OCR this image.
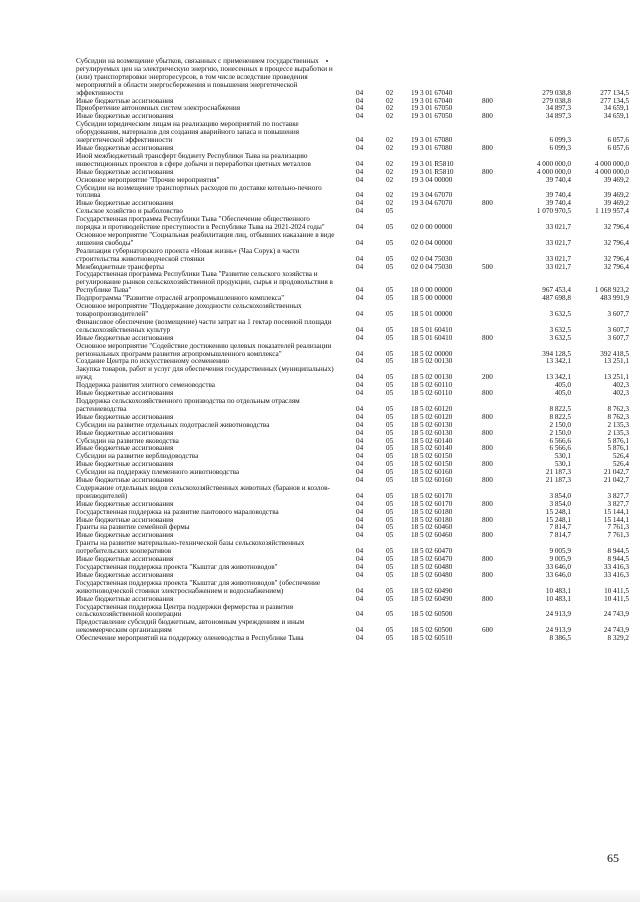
Субсидии на возмещение убытков, связанных с применением государственных регулируемых цен на электрическую энергию, понесенных в процессе выработки и (или) транспортировки энергоресурсов, в том числе вследствие проведения мероприятий в области энергосбережения и повышения энергетической эффективности	04	02 19 3 01 67040	279 038,8	277 134,5
Иные бюджетные ассигнования	04	02 19 3 01 67040	800	279 038,8	277 134,5
Приобретение автономных систем электроснабжения	04	02 19 3 01 67050	34 897,3	34 659,1
Иные бюджетные ассигнования	04	02 19 3 01 67050	800	34 897,3	34 659,1
Субсидии юридическим лицам на реализацию мероприятий по поставке оборудования, материалов для создания аварийного запаса и повышения энергетической эффективности	04	02 19 3 01 67080	6 099,3	6 057,6
Иные бюджетные ассигнования	04	02 19 3 01 67080	800	6 099,3	6 057,6
Иной межбюджетный трансферт бюджету Республики Тыва на реализацию инвестиционных проектов в сфере добычи и переработки цветных металлов	04	02 19 3 01 R5810	4 000 000,0	4 000 000,0
Иные бюджетные ассигнования	04	02 19 3 01 R5810	800	4 000 000,0	4 000 000,0
Основное мероприятие "Прочие мероприятия"	04	02 19 3 04 00000	39 740,4	39 469,2
Субсидии на возмещение транспортных расходов по доставке котельно-печного топлива	04	02 19 3 04 67070	39 740,4	39 469,2
Иные бюджетные ассигнования	04	02 19 3 04 67070	800	39 740,4	39 469,2
Сельское хозяйство и рыболовство	04	05	1 070 970,5	1 119 957,4
Государственная программа Республики Тыва "Обеспечение общественного порядка и противодействие преступности в Республике Тыва на 2021-2024 годы"	04	05 02 0 00 00000	33 021,7	32 796,4
Основное мероприятие "Социальная реабилитация лиц, отбывших наказание в виде лишения свободы"	04	05 02 0 04 00000	33 021,7	32 796,4
Реализация губернаторского проекта «Новая жизнь» (Чаа Сорук) в части строительства животноводческой стоянки	04	05 02 0 04 75030	33 021,7	32 796,4
Межбюджетные трансферты	04	05 02 0 04 75030	500	33 021,7	32 796,4
Государственная программа Республики Тыва "Развитие сельского хозяйства и регулирование рынков сельскохозяйственной продукции, сырья и продовольствия в Республике Тыва"	04	05 18 0 00 00000	967 453,4	1 068 923,2
Подпрограмма "Развитие отраслей агропромышленного комплекса"	04	05 18 5 00 00000	487 698,8	483 991,9
Основное мероприятие "Поддержание доходности сельскохозяйственных товаропроизводителей"	04	05 18 5 01 00000	3 632,5	3 607,7
Финансовое обеспечение (возмещение) части затрат на 1 гектар посевной площади сельскохозяйственных культур	04	05 18 5 01 60410	3 632,5	3 607,7
Иные бюджетные ассигнования	04	05 18 5 01 60410	800	3 632,5	3 607,7
Основное мероприятие "Содействие достижению целевых показателей реализации региональных программ развития агропромышленного комплекса"	04	05 18 5 02 00000	394 128,5	392 418,5
Создание Центра по искусственному осеменению	04	05 18 5 02 00130	13 342,1	13 251,1
Закупка товаров, работ и услуг для обеспечения государственных (муниципальных) нужд	04	05 18 5 02 00130	200	13 342,1	13 251,1
Поддержка развития элитного семеноводства	04	05 18 5 02 60110	405,0	402,3
Иные бюджетные ассигнования	04	05 18 5 02 60110	800	405,0	402,3
Поддержка сельскохозяйственного производства по отдельным отраслям растениеводства	04	05 18 5 02 60120	8 822,5	8 762,3
Иные бюджетные ассигнования	04	05 18 5 02 60120	800	8 822,5	8 762,3
Субсидии на развитие отдельных подотраслей животноводства	04	05 18 5 02 60130	2 150,0	2 135,3
Иные бюджетные ассигнования	04	05 18 5 02 60130	800	2 150,0	2 135,3
Субсидии на развитие яководства	04	05 18 5 02 60140	6 566,6	5 876,1
Иные бюджетные ассигнования	04	05 18 5 02 60140	800	6 566,6	5 876,1
Субсидии на развитие верблюдоводства	04	05 18 5 02 60150	530,1	526,4
Иные бюджетные ассигнования	04	05 18 5 02 60150	800	530,1	526,4
Субсидии на поддержку племенного животноводства	04	05 18 5 02 60160	21 187,3	21 042,7
Иные бюджетные ассигнования	04	05 18 5 02 60160	800	21 187,3	21 042,7
Содержание отдельных видов сельскохозяйственных животных (баранов и козлов-производителей)	04	05 18 5 02 60170	3 854,0	3 827,7
Иные бюджетные ассигнования	04	05 18 5 02 60170	800	3 854,0	3 827,7
Государственная поддержка на развитие пантового мараловодства	04	05 18 5 02 60180	15 248,1	15 144,1
Иные бюджетные ассигнования	04	05 18 5 02 60180	800	15 248,1	15 144,1
Гранты на развитие семейной фермы	04	05 18 5 02 60460	7 814,7	7 761,3
Иные бюджетные ассигнования	04	05 18 5 02 60460	800	7 814,7	7 761,3
Гранты на развитие материально-технической базы сельскохозяйственных потребительских кооперативов	04	05 18 5 02 60470	9 005,9	8 944,5
Иные бюджетные ассигнования	04	05 18 5 02 60470	800	9 005,9	8 944,5
Государственная поддержка проекта "Кыштаг для животноводов"	04	05 18 5 02 60480	33 646,0	33 416,3
Иные бюджетные ассигнования	04	05 18 5 02 60480	800	33 646,0	33 416,3
Государственная поддержка проекта "Кыштаг для животноводов" (обеспечение животноводческой стоянки электроснабжением и водоснабжением)	04	05 18 5 02 60490	10 483,1	10 411,5
Иные бюджетные ассигнования	04	05 18 5 02 60490	800	10 483,1	10 411,5
Государственная поддержка Центра поддержки фермерства и развития сельскохозяйственной кооперации	04	05 18 5 02 60500	24 913,9	24 743,9
Предоставление субсидий бюджетным, автономным учреждениям и иным некоммерческим организациям	04	05 18 5 02 60500	600	24 913,9	24 743,9
Обеспечение мероприятий на поддержку оленеводства в Республике Тыва	04	05 18 5 02 60510	8 386,5	8 329,2
65
